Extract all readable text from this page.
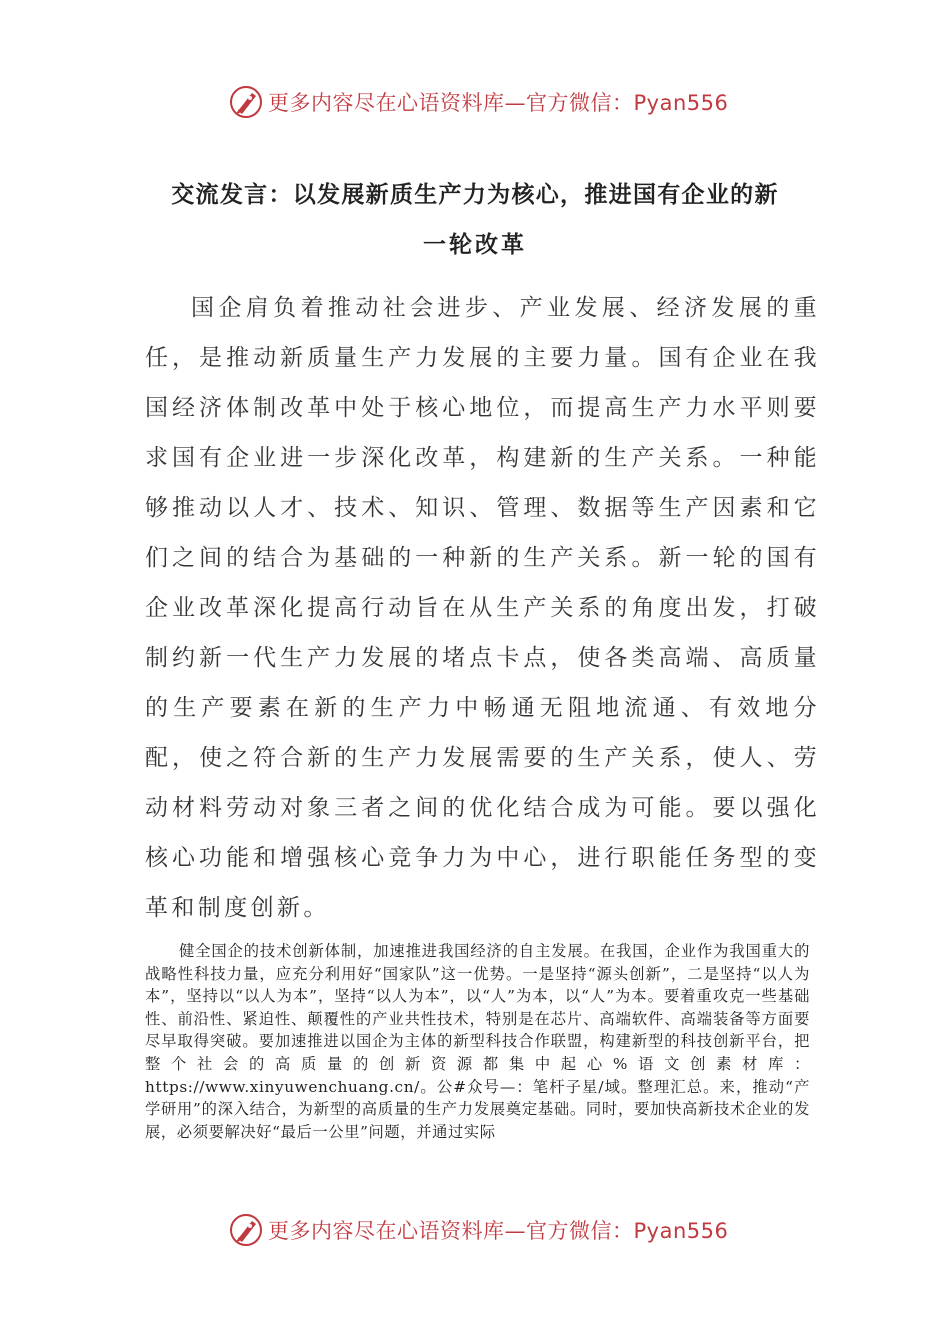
更多内容尽在心语资料库—官方微信：Pyan556
交流发言：以发展新质生产力为核心，推进国有企业的新
一轮改革

国企肩负着推动社会进步、产业发展、经济发展的重任，是推动新质量生产力发展的主要力量。国有企业在我国经济体制改革中处于核心地位，而提高生产力水平则要求国有企业进一步深化改革，构建新的生产关系。一种能够推动以人才、技术、知识、管理、数据等生产因素和它们之间的结合为基础的一种新的生产关系。新一轮的国有企业改革深化提高行动旨在从生产关系的角度出发，打破制约新一代生产力发展的堵点卡点，使各类高端、高质量的生产要素在新的生产力中畅通无阻地流通、有效地分配，使之符合新的生产力发展需要的生产关系，使人、劳动材料劳动对象三者之间的优化结合成为可能。要以强化核心功能和增强核心竞争力为中心，进行职能任务型的变革和制度创新。

健全国企的技术创新体制，加速推进我国经济的自主发展。在我国，企业作为我国重大的战略性科技力量，应充分利用好“国家队”这一优势。一是坚持“源头创新”，二是坚持“以人为本”，坚持以“以人为本”，坚持“以人为本”，以“人”为本，以“人”为本。要着重攻克一些基础性、前沿性、紧迫性、颠覆性的产业共性技术，特别是在芯片、高端软件、高端装备等方面要尽早取得突破。要加速推进以国企为主体的新型科技合作联盟，构建新型的科技创新平台，把整个社会的高质量的创新资源都集中起心%语文创素材库：https://www.xinyuwenchuang.cn/。公#众号—：笔杆子星/域。整理汇总。来，推动“产学研用”的深入结合，为新型的高质量的生产力发展奠定基础。同时，要加快高新技术企业的发展，必须要解决好“最后一公里”问题，并通过实际

更多内容尽在心语资料库—官方微信：Pyan556
